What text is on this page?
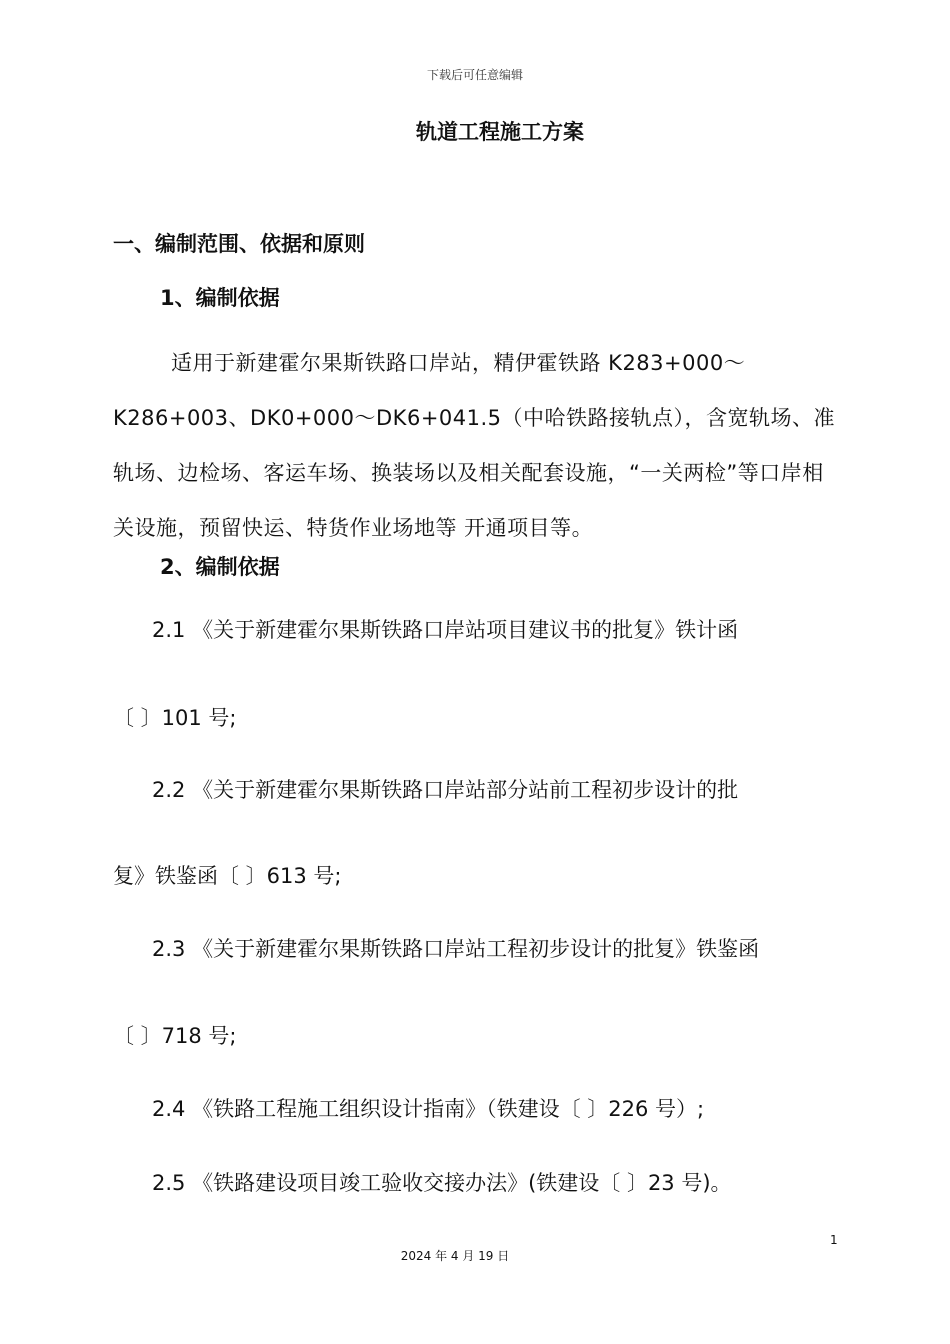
下载后可任意编辑
轨道工程施工方案
一、编制范围、依据和原则
1、编制依据
适用于新建霍尔果斯铁路口岸站，精伊霍铁路 K283+000～K286+003、DK0+000～DK6+041.5（中哈铁路接轨点），含宽轨场、准轨场、边检场、客运车场、换装场以及相关配套设施，“一关两检”等口岸相关设施，预留快运、特货作业场地等 开通项目等。
2、编制依据
2.1 《关于新建霍尔果斯铁路口岸站项目建议书的批复》铁计函
〔 〕101 号;
2.2 《关于新建霍尔果斯铁路口岸站部分站前工程初步设计的批
复》铁鉴函〔 〕613 号;
2.3 《关于新建霍尔果斯铁路口岸站工程初步设计的批复》铁鉴函
〔 〕718 号;
2.4 《铁路工程施工组织设计指南》（铁建设〔 〕226 号）;
2.5 《铁路建设项目竣工验收交接办法》(铁建设〔 〕23 号)。
1
2024 年 4 月 19 日
